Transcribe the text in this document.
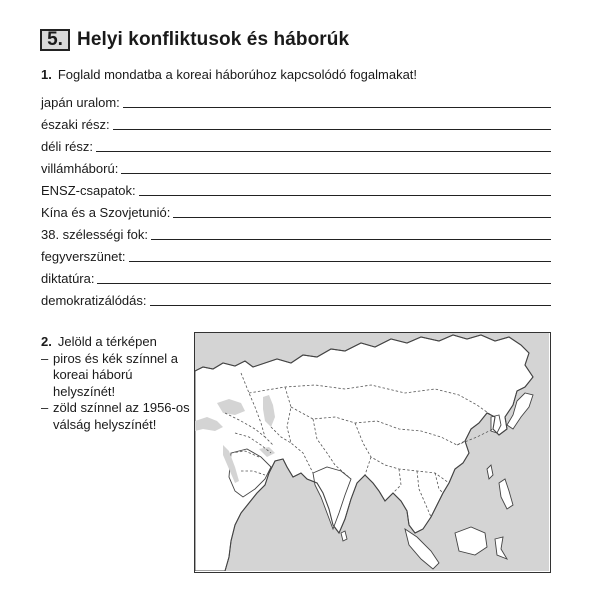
5. Helyi konfliktusok és háborúk
1. Foglald mondatba a koreai háborúhoz kapcsolódó fogalmakat!
japán uralom:
északi rész:
déli rész:
villámháború:
ENSZ-csapatok:
Kína és a Szovjetunió:
38. szélességi fok:
fegyverszünet:
diktatúra:
demokratizálódás:
2. Jelöld a térképen
– piros és kék színnel a koreai háború helyszínét!
– zöld színnel az 1956-os válság helyszínét!
